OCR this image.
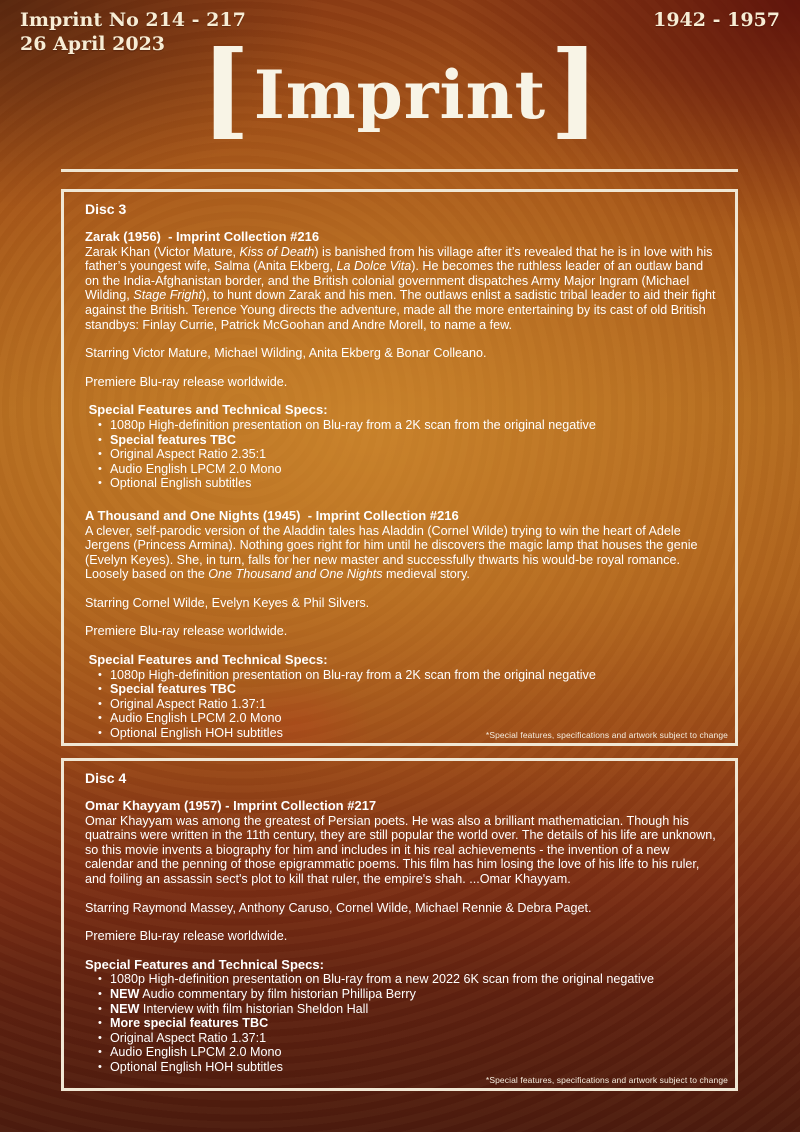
Imprint No 214 - 217
26 April 2023
1942 - 1957
[ Imprint ]
Disc 3
Zarak (1956)  - Imprint Collection #216

Zarak Khan (Victor Mature, Kiss of Death) is banished from his village after it’s revealed that he is in love with his father’s youngest wife, Salma (Anita Ekberg, La Dolce Vita). He becomes the ruthless leader of an outlaw band on the India-Afghanistan border, and the British colonial government dispatches Army Major Ingram (Michael Wilding, Stage Fright), to hunt down Zarak and his men. The outlaws enlist a sadistic tribal leader to aid their fight against the British. Terence Young directs the adventure, made all the more entertaining by its cast of old British standbys: Finlay Currie, Patrick McGoohan and Andre Morell, to name a few.

Starring Victor Mature, Michael Wilding, Anita Ekberg & Bonar Colleano.

Premiere Blu-ray release worldwide.

Special Features and Technical Specs:
• 1080p High-definition presentation on Blu-ray from a 2K scan from the original negative
• Special features TBC
• Original Aspect Ratio 2.35:1
• Audio English LPCM 2.0 Mono
• Optional English subtitles
A Thousand and One Nights (1945)  - Imprint Collection #216

A clever, self-parodic version of the Aladdin tales has Aladdin (Cornel Wilde) trying to win the heart of Adele Jergens (Princess Armina). Nothing goes right for him until he discovers the magic lamp that houses the genie (Evelyn Keyes). She, in turn, falls for her new master and successfully thwarts his would-be royal romance. Loosely based on the One Thousand and One Nights medieval story.

Starring Cornel Wilde, Evelyn Keyes & Phil Silvers.

Premiere Blu-ray release worldwide.

Special Features and Technical Specs:
• 1080p High-definition presentation on Blu-ray from a 2K scan from the original negative
• Special features TBC
• Original Aspect Ratio 1.37:1
• Audio English LPCM 2.0 Mono
• Optional English HOH subtitles	*Special features, specifications and artwork subject to change
Disc 4
Omar Khayyam (1957) - Imprint Collection #217

Omar Khayyam was among the greatest of Persian poets. He was also a brilliant mathematician. Though his quatrains were written in the 11th century, they are still popular the world over. The details of his life are unknown, so this movie invents a biography for him and includes in it his real achievements - the invention of a new calendar and the penning of those epigrammatic poems. This film has him losing the love of his life to his ruler, and foiling an assassin sect's plot to kill that ruler, the empire's shah. ...Omar Khayyam.

Starring Raymond Massey, Anthony Caruso, Cornel Wilde, Michael Rennie & Debra Paget.

Premiere Blu-ray release worldwide.

Special Features and Technical Specs:
• 1080p High-definition presentation on Blu-ray from a new 2022 6K scan from the original negative
• NEW Audio commentary by film historian Phillipa Berry
• NEW Interview with film historian Sheldon Hall
• More special features TBC
• Original Aspect Ratio 1.37:1
• Audio English LPCM 2.0 Mono
• Optional English HOH subtitles
*Special features, specifications and artwork subject to change
